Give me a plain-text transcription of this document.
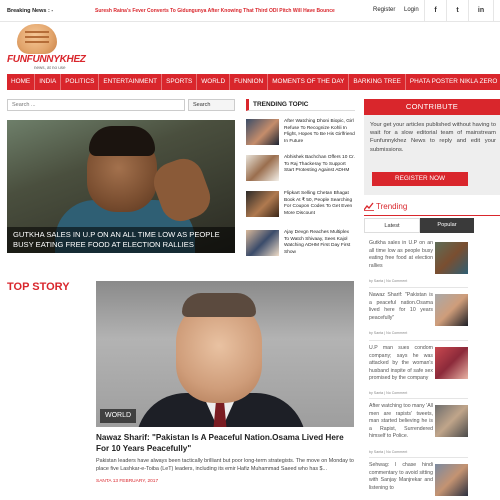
Breaking News : -	Suresh Raina's Fever Converts To Gidungunya After Knowing That Third ODI Pitch Will Have Bounce	Register Login	f	t	in
FUNFUNNYKHEZ
news, at no use
HOME	INDIA	POLITICS	ENTERTAINMENT	SPORTS	WORLD	FUNNION	MOMENTS OF THE DAY	BARKING TREE	PHATA POSTER NIKLA ZERO
Search ...
Search
GUTKHA SALES IN U.P ON AN ALL TIME LOW AS PEOPLE BUSY EATING FREE FOOD AT ELECTION RALLIES
TRENDING TOPIC
After Watching Dhoni Biopic, Girl Refuse To Recognize Kohli In Flight, Hopes To Be His Girlfriend In Future
Abhishek Bachchan Offers 10 Cr. To Raj Thackeray To Support Start Protesting Against ADHM
Flipkart Selling Chetan Bhagat Book At ₹ 50, People Searching For Coupon Codes To Get Even More Discount
Ajay Devgn Reaches Multiplex To Watch Shivaay, Sees Kajol Watching ADHM First Day First Show
CONTRIBUTE
Your get your articles published without having to wait for a slow editorial team of mainstream Funfunnykhez News to reply and edit your submissions.
REGISTER NOW
Trending
Latest	Popular
Gutkha sales in U.P on an all time low as people busy eating free food at election rallies
by Santa | No Comment
Nawaz Sharif: "Pakistan is a peaceful nation.Osama lived here for 10 years peacefully"
by Santa | No Comment
U.P man sues condom company; says he was attacked by the woman's husband inspite of safe sex promised by the company
by Santa | No Comment
After watching too many 'All men are rapists' tweets, man started believing he is a Rapist, Surrendered himself to Police.
by Santa | No Comment
Sehwag: I chase hindi commentary to avoid sitting with Sanjay Manjrekar and listening to
TOP STORY
WORLD
Nawaz Sharif: "Pakistan Is A Peaceful Nation.Osama Lived Here For 10 Years Peacefully"
Pakistan leaders have always been tactically brilliant but poor long-term strategists. The move on Monday to place five Lashkar-e-Toiba (LeT) leaders, including its emir Hafiz Muhammad Saeed who has $...
SANTA 13 FEBRUARY, 2017
